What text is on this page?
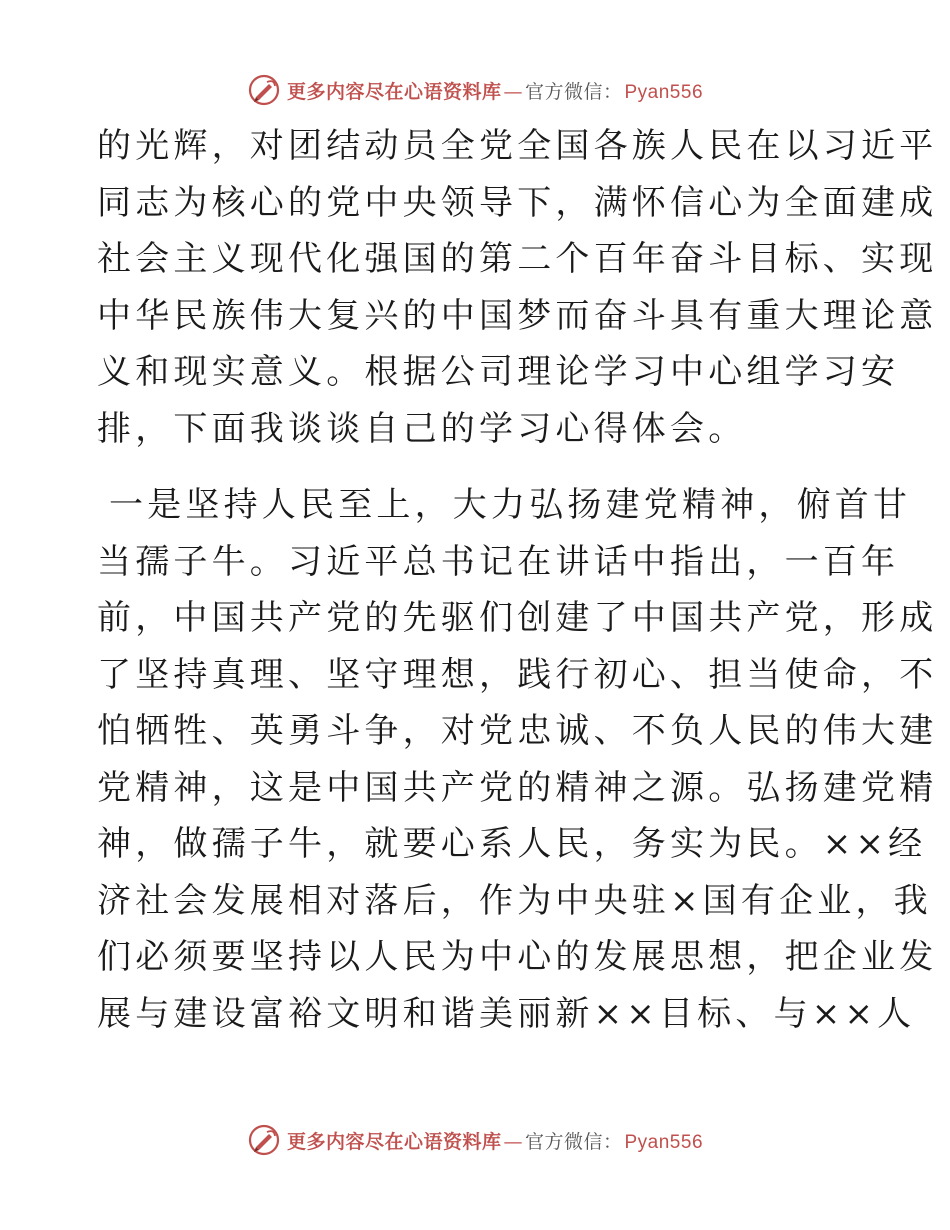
更多内容尽在心语资料库 — 官方微信： Pyan556
的光辉，对团结动员全党全国各族人民在以习近平
同志为核心的党中央领导下，满怀信心为全面建成
社会主义现代化强国的第二个百年奋斗目标、实现
中华民族伟大复兴的中国梦而奋斗具有重大理论意
义和现实意义。根据公司理论学习中心组学习安
排，下面我谈谈自己的学习心得体会。
一是坚持人民至上，大力弘扬建党精神，俯首甘
当孺子牛。习近平总书记在讲话中指出，一百年
前，中国共产党的先驱们创建了中国共产党，形成
了坚持真理、坚守理想，践行初心、担当使命，不
怕牺牲、英勇斗争，对党忠诚、不负人民的伟大建
党精神，这是中国共产党的精神之源。弘扬建党精
神，做孺子牛，就要心系人民，务实为民。××经
济社会发展相对落后，作为中央驻×国有企业，我
们必须要坚持以人民为中心的发展思想，把企业发
展与建设富裕文明和谐美丽新××目标、与××人
更多内容尽在心语资料库 — 官方微信： Pyan556
